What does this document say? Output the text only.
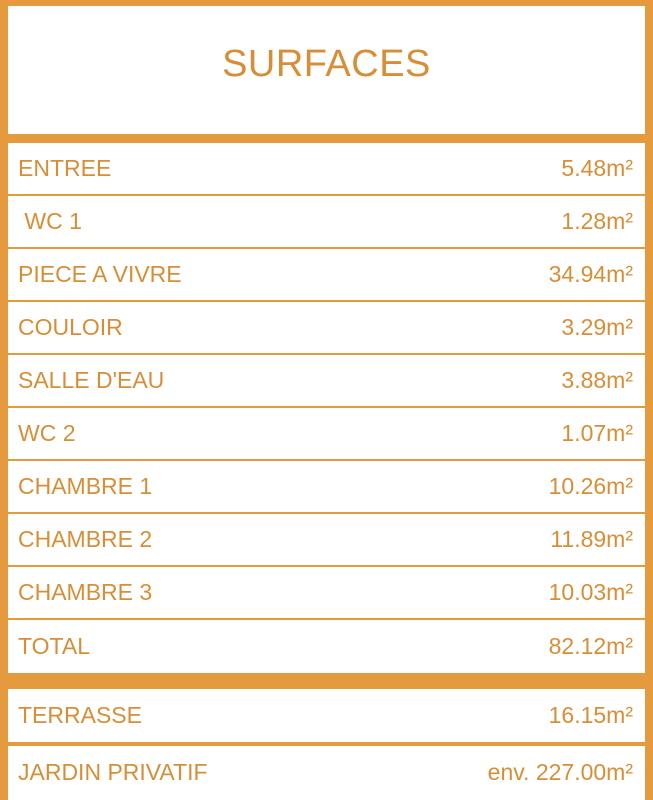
SURFACES
ENTREE	5.48m²
WC 1	1.28m²
PIECE A VIVRE	34.94m²
COULOIR	3.29m²
SALLE D'EAU	3.88m²
WC 2	1.07m²
CHAMBRE 1	10.26m²
CHAMBRE 2	11.89m²
CHAMBRE 3	10.03m²
TOTAL	82.12m²
TERRASSE	16.15m²
JARDIN PRIVATIF	env. 227.00m²
